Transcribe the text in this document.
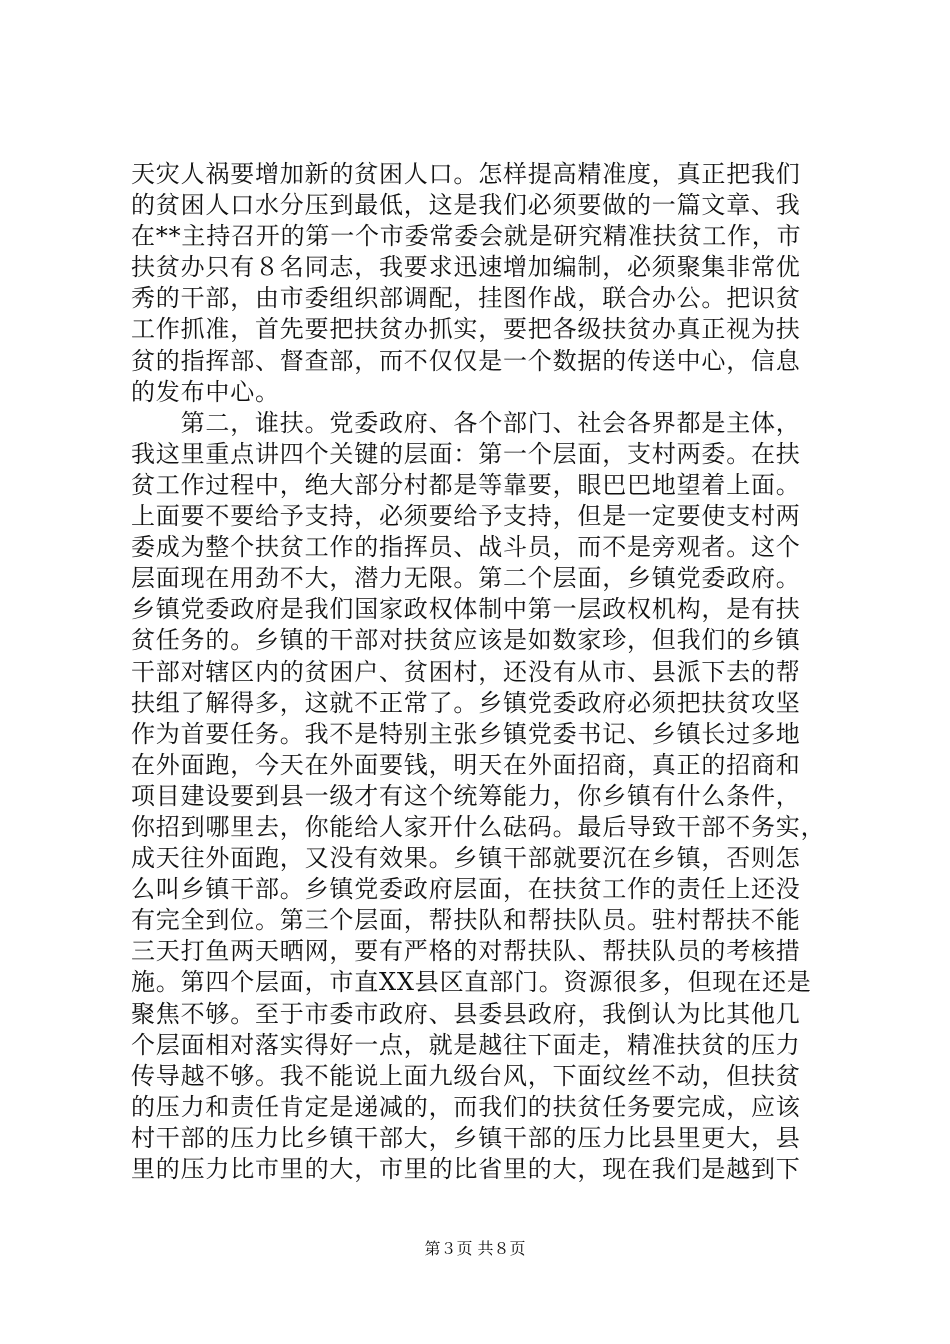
天灾人祸要增加新的贫困人口。怎样提高精准度，真正把我们
的贫困人口水分压到最低，这是我们必须要做的一篇文章、我
在**主持召开的第一个市委常委会就是研究精准扶贫工作，市
扶贫办只有８名同志，我要求迅速增加编制，必须聚集非常优
秀的干部，由市委组织部调配，挂图作战，联合办公。把识贫
工作抓准，首先要把扶贫办抓实，要把各级扶贫办真正视为扶
贫的指挥部、督查部，而不仅仅是一个数据的传送中心，信息
的发布中心。
　　第二，谁扶。党委政府、各个部门、社会各界都是主体，
我这里重点讲四个关键的层面：第一个层面，支村两委。在扶
贫工作过程中，绝大部分村都是等靠要，眼巴巴地望着上面。
上面要不要给予支持，必须要给予支持，但是一定要使支村两
委成为整个扶贫工作的指挥员、战斗员，而不是旁观者。这个
层面现在用劲不大，潜力无限。第二个层面，乡镇党委政府。
乡镇党委政府是我们国家政权体制中第一层政权机构，是有扶
贫任务的。乡镇的干部对扶贫应该是如数家珍，但我们的乡镇
干部对辖区内的贫困户、贫困村，还没有从市、县派下去的帮
扶组了解得多，这就不正常了。乡镇党委政府必须把扶贫攻坚
作为首要任务。我不是特别主张乡镇党委书记、乡镇长过多地
在外面跑，今天在外面要钱，明天在外面招商，真正的招商和
项目建设要到县一级才有这个统筹能力，你乡镇有什么条件，
你招到哪里去，你能给人家开什么砝码。最后导致干部不务实，
成天往外面跑，又没有效果。乡镇干部就要沉在乡镇，否则怎
么叫乡镇干部。乡镇党委政府层面，在扶贫工作的责任上还没
有完全到位。第三个层面，帮扶队和帮扶队员。驻村帮扶不能
三天打鱼两天晒网，要有严格的对帮扶队、帮扶队员的考核措
施。第四个层面，市直XX县区直部门。资源很多，但现在还是
聚焦不够。至于市委市政府、县委县政府，我倒认为比其他几
个层面相对落实得好一点，就是越往下面走，精准扶贫的压力
传导越不够。我不能说上面九级台风，下面纹丝不动，但扶贫
的压力和责任肯定是递减的，而我们的扶贫任务要完成，应该
村干部的压力比乡镇干部大，乡镇干部的压力比县里更大，县
里的压力比市里的大，市里的比省里的大，现在我们是越到下
第３页 共８页
